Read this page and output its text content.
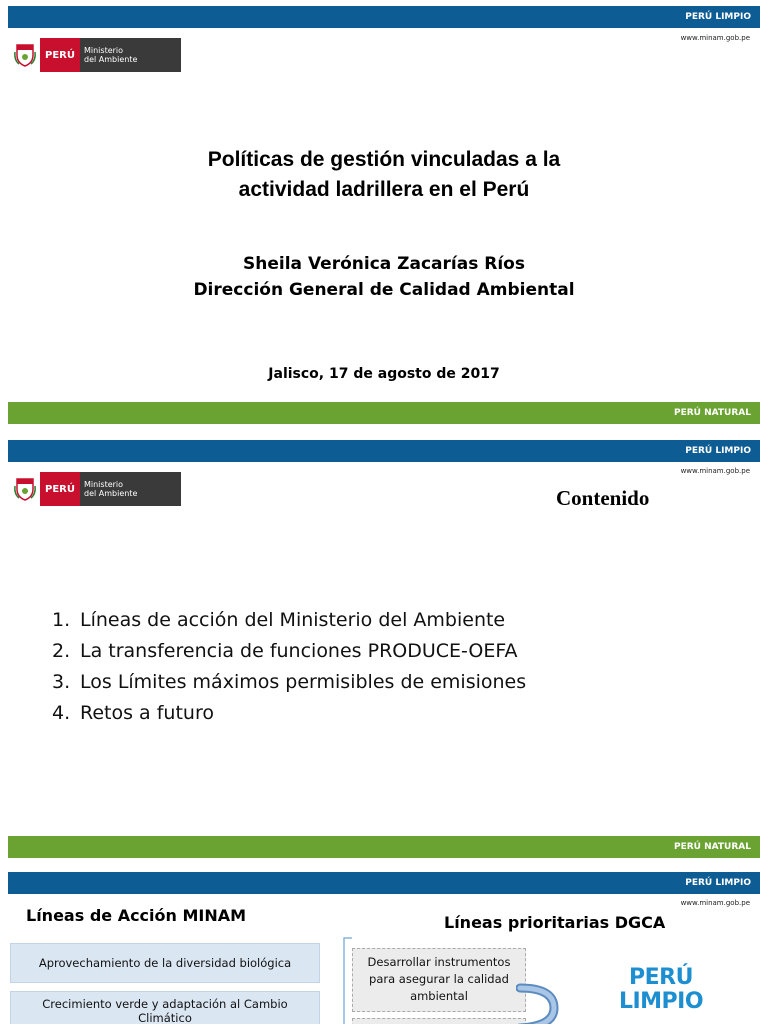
PERÚ LIMPIO
www.minam.gob.pe
PERÚ	Ministerio
del Ambiente
Políticas de gestión vinculadas a la
actividad ladrillera en el Perú
Sheila Verónica Zacarías Ríos
Dirección General de Calidad Ambiental
Jalisco, 17 de agosto de 2017
PERÚ NATURAL
PERÚ LIMPIO
www.minam.gob.pe
PERÚ	Ministerio
del Ambiente	Contenido
1. Líneas de acción del Ministerio del Ambiente
2. La transferencia de funciones PRODUCE-OEFA
3. Los Límites máximos permisibles de emisiones
4. Retos a futuro
PERÚ NATURAL
PERÚ LIMPIO
www.minam.gob.pe
Líneas de Acción MINAM	Líneas prioritarias DGCA
Aprovechamiento de la diversidad biológica
Crecimiento verde y adaptación al Cambio Climático
Desarrollar instrumentos para asegurar la calidad ambiental
PERÚ
LIMPIO
